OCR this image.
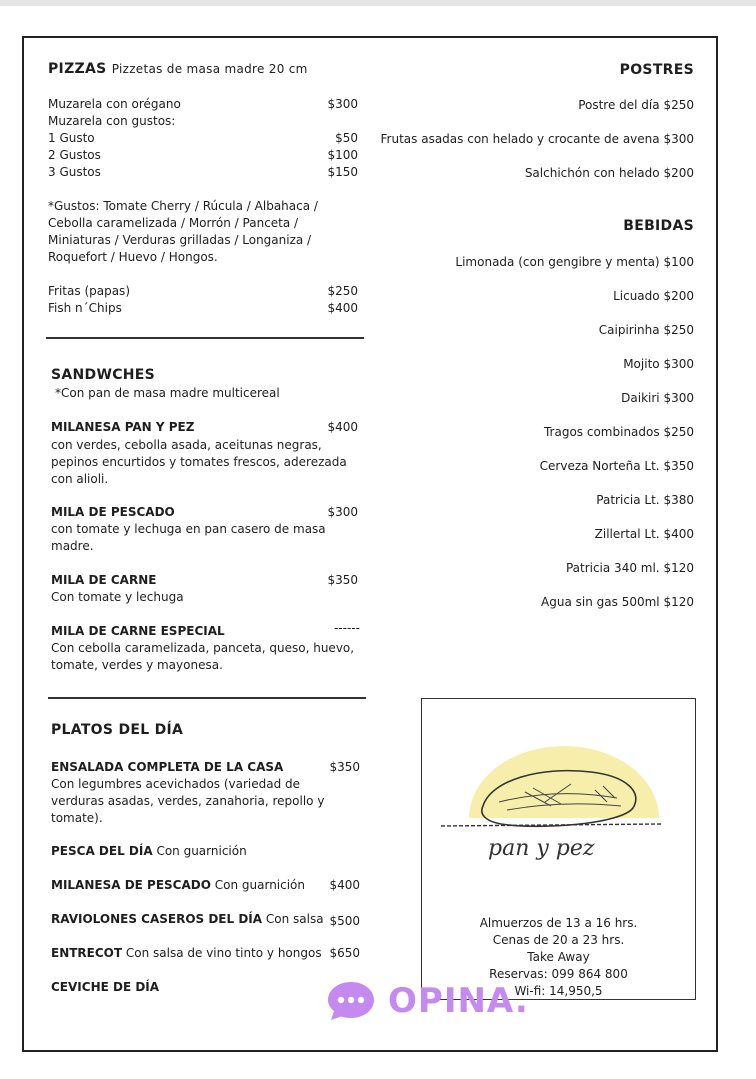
PIZZAS Pizzetas de masa madre 20 cm
Muzarela con orégano	$300
Muzarela con gustos:
1 Gusto	$50
2 Gustos	$100
3 Gustos	$150
*Gustos: Tomate Cherry / Rúcula / Albahaca /
Cebolla caramelizada / Morrón / Panceta /
Miniaturas / Verduras grilladas / Longaniza /
Roquefort / Huevo / Hongos.
Fritas (papas)	$250
Fish n´Chips	$400
SANDWCHES
*Con pan de masa madre multicereal
MILANESA PAN Y PEZ	$400
con verdes, cebolla asada, aceitunas negras,
pepinos encurtidos y tomates frescos, aderezada
con alioli.
MILA DE PESCADO	$300
con tomate y lechuga en pan casero de masa
madre.
MILA DE CARNE	$350
Con tomate y lechuga
MILA DE CARNE ESPECIAL	------
Con cebolla caramelizada, panceta, queso, huevo,
tomate, verdes y mayonesa.
PLATOS DEL DÍA
ENSALADA COMPLETA DE LA CASA	$350
Con legumbres acevichados (variedad de
verduras asadas, verdes, zanahoria, repollo y
tomate).
PESCA DEL DÍA Con guarnición
MILANESA DE PESCADO Con guarnición	$400
RAVIOLONES CASEROS DEL DÍA Con salsa $500
ENTRECOT Con salsa de vino tinto y hongos $650
CEVICHE DE DÍA
POSTRES
Postre del día $250
Frutas asadas con helado y crocante de avena $300
Salchichón con helado $200
BEBIDAS
Limonada (con gengibre y menta) $100
Licuado $200
Caipirinha $250
Mojito $300
Daikiri $300
Tragos combinados $250
Cerveza Norteña Lt. $350
Patricia Lt. $380
Zillertal Lt. $400
Patricia 340 ml. $120
Agua sin gas 500ml $120
pan y pez
Almuerzos de 13 a 16 hrs.
Cenas de 20 a 23 hrs.
Take Away
Reservas: 099 864 800
Wi-fi: 14,950,5
OPINA.
